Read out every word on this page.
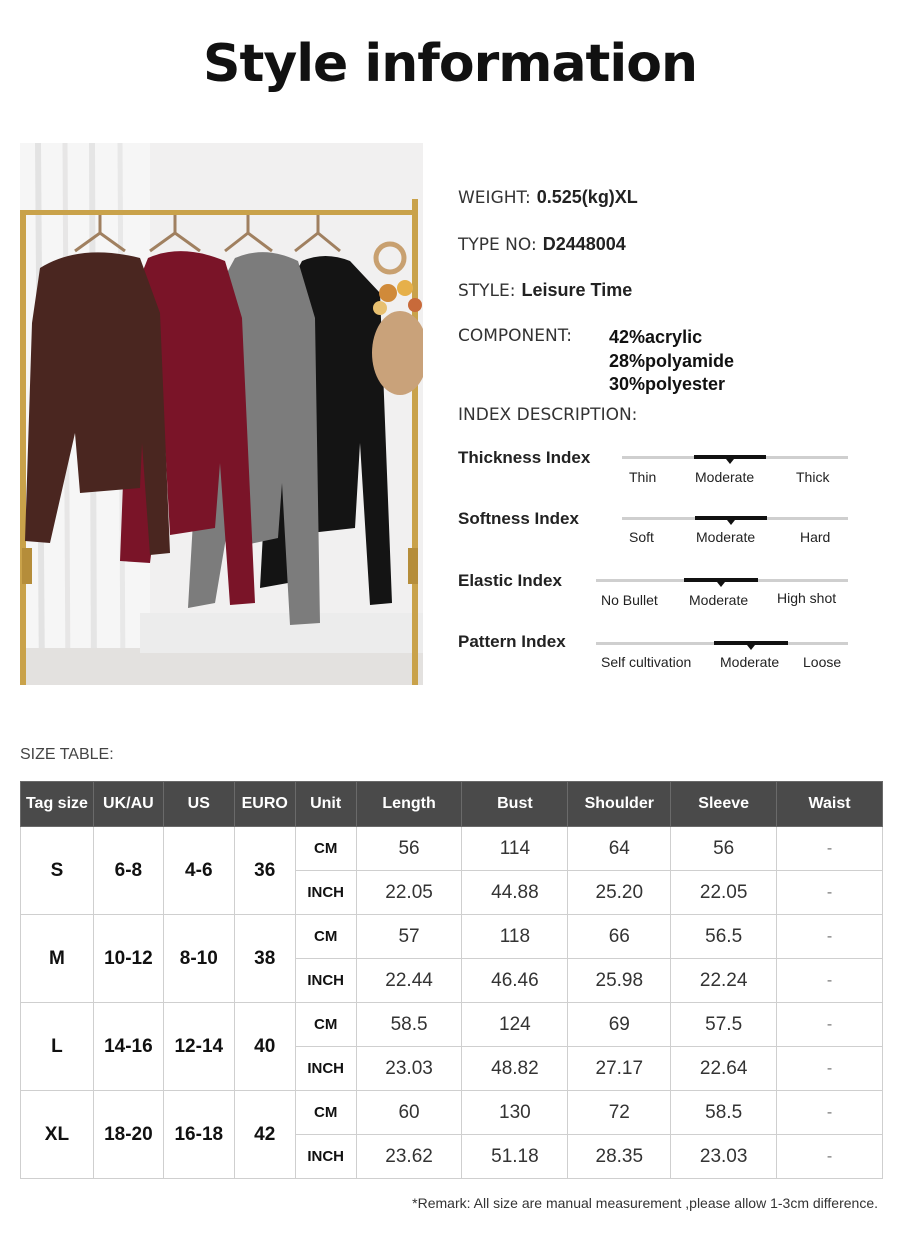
Style information
WEIGHT: 0.525(kg)XL
TYPE NO: D2448004
STYLE: Leisure Time
COMPONENT: 42%acrylic
28%polyamide
30%polyester
INDEX DESCRIPTION:
Thickness Index
Thin	Moderate	Thick
Softness Index
Soft	Moderate	Hard
Elastic Index
No Bullet Moderate High shot
Pattern Index
Self cultivation Moderate Loose
SIZE TABLE:
Tag size	UK/AU	US	EURO	Unit	Length	Bust	Shoulder	Sleeve	Waist
S	6-8	4-6	36	CM	56	114	64	56	-
				INCH	22.05	44.88	25.20	22.05	-
M	10-12	8-10	38	CM	57	118	66	56.5	-
				INCH	22.44	46.46	25.98	22.24	-
L	14-16	12-14	40	CM	58.5	124	69	57.5	-
				INCH	23.03	48.82	27.17	22.64	-
XL	18-20	16-18	42	CM	60	130	72	58.5	-
				INCH	23.62	51.18	28.35	23.03	-
*Remark: All size are manual measurement ,please allow 1-3cm difference.
